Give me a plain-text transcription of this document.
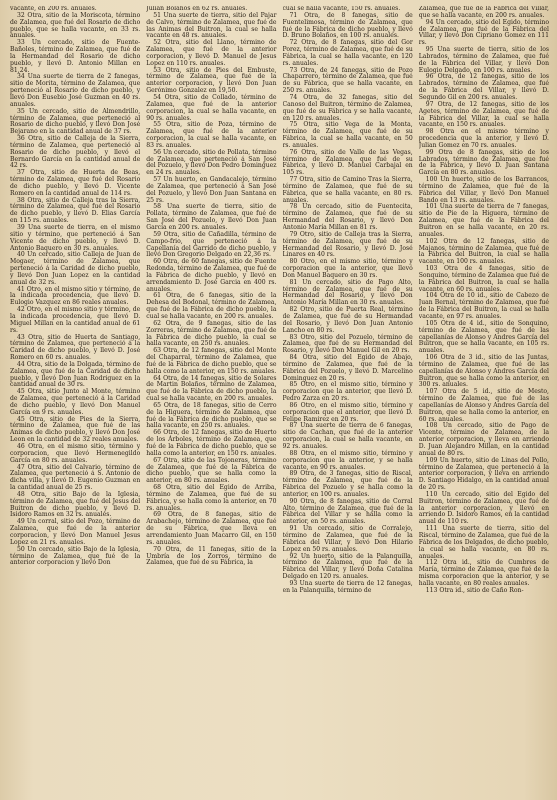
vacante, en 200 rs. anuales.

32 Otra, sitio de la Moriscota, término de Zalamea, que fué del Rosario de dicho pueblo, que se halla vacante, en 33 rs. anuales.

33 Un cercado, sitio de Fuente-Bañoles, término de Zalamea, que fué de la Hermandad del Rosario de dicho pueblo, y llevó D. Antonio Millan en 81,24.

34 Una suerte de tierra de 2 fanegas, sitio de Morita, término de Zalamea, que perteneció al Rosario de dicho pueblo, y llevó Don Eusebio José Guzman en 40 rs. anuales.

35 Un cercado, sitio de Almendrillo, término de Zalamea, que perteneció al Rosario de dicho pueblo, y llevó Don José Bejarano en la cantidad anual de 37 rs.

36 Otra, sitio de Calleja de la Sierra, término de Zalamea, que perteneció al Rosario de dicho pueblo, y llevó el Bernardo García en la cantidad anual de 42 rs.

37 Otra, sitio de Huerta de Beas, término de Zalamea, que fué del Rosario de dicho pueblo, y llevó D. Vicente Romero en la cantidad anual de 114 rs.

38 Otra, sitio de Calleja tras la Sierra, término de Zalamea, que fué del Rosario de dicho pueblo, y llevó D. Elias García en 115 rs. anuales.

39 Una suerte de tierra, en el mismo sitio y término, que perteneció á San Vicente de dicho pueblo, y llevó D. Antonio Baquero en 30 rs. anuales.

40 Un cercado, sitio Calleja de Juan de Mogaer, término de Zalamea, que perteneció á la Caridad de dicho pueblo, y llevó Don Juan Lopez en la cantidad anual de 32 rs.

41 Otro, en el mismo sitio y término, de la indicada procedencia, que llevó D. Eulogio Vazquez en 86 reales anuales.

42 Otro, en el mismo sitio y término, de la indicada procedencia, que llevó D. Miguel Millan en la cantidad anual de 61 rs.

43 Otra, sitio de Huerta de Santiago, término de Zalamea, que perteneció á la Caridad de dicho pueblo, y llevó D. José Romero en 60 rs. anuales.

44 Otra, sitio de la Dolgada, término de Zalamea, que fué de la Caridad de dicho pueblo, y llevó Don Juan Rodriguez en la cantidad anual de 30 rs.

45 Otra, sitio Junto al Monte, término de Zalamea, que perteneció á la Caridad de dicho pueblo, y llevó Don Manuel García en 9 rs. anuales.

45 Otra, sitio de Pies de la Sierra, término de Zalamea, que fué de las Animas de dicho pueblo, y llevó Don José Leon en la cantidad de 32 reales anuales.

46 Otra, en el mismo sitio, término y corporacion, que llevó Hermenegildo García en 80 rs. anuales.

47 Otra, sitio del Calvario, término de Zalamea, que perteneció á S. Antonio de dicha villa, y llevó D. Eugenio Guzman en la cantidad anual de 25 rs.

48 Otra, sitio Bajo de la Iglesia, término de Zalamea, que fué del Jesus del Buitron de dicho pueblo, y llevó D. Isidoro Ramos en 32 rs. anuales.

49 Un corral, sitio del Pozo, término de Zalamea, que fué de la anterior corporacion, y llevó Don Manuel Jesus Lopez en 21 rs. anuales.

50 Un cercado, sitio Bajo de la Iglesia, término de Zalamea, que fué de la anterior corporacion y llevó Don

Julian Bolaños en 62 rs. anuales.

51 Una suerte de tierra, sitio del Pajar de Calvo, término de Zalamea, que fué de las Animas del Buitron, la cual se halla vacante en 48 rs. anuales.

52 Otra, sitio del Llano, término de Zalamea, que fué de la anterior corporacion, y llevó D. Manuel de Jesus Lopez en 110 rs. anuales.

53 Otra, sitio de Pies del Embuste, término de Zalamea, que fué de la anterior corporacion, y llevó Don Juan Gerónimo Gonzalez en 19,50.

54 Otra, sitio de Collado, término de Zalamea, que fué de la anterior corporacion, la cual se halla vacante, en 90 rs. anuales.

55 Otra, sitio de Poza, término de Zalamea, que fué de la anterior corporacion, la cual se halla vacante, en 83 rs. anuales.

56 Un cercado, sitio de Pollata, término de Zalamea, que perteneció á San José del Pozuelo, y llevó Don Pedro Dominguez en 24 rs. anuales.

57 Un huerto, en Gandacalejo, término de Zalamea, que perteneció á San José del Pozuelo, y llevó Don Juan Santana en 25 rs.

58 Una suerte de tierra, sitio de Pollata, término de Zalamea, que fué de San José del Pozuelo, y llevó Don Juan García en 200 rs. anuales.

59 Otra, sitio de Cañadilla, término de Campo-frio, que perteneció á la Capellanía del Garrido de dicho pueblo, y llevó Don Gregorio Delgado en 22,36 rs.

60 Otra, de 60 fanegas, sitio de Fuente Redonda, término de Zalamea, que fué de la Fábrica de dicho pueblo, y llevó en arrendamiento D. José Garcia en 400 rs. anuales.

61 Otra, de 6 fanegas, sitio de la Dehesa del Bodonal, término de Zalamea, que fué de la Fábrica de dicho pueblo, la cual se halla vacante, en 200 rs. anuales.

62 Otra, de 9 fanegas, sitio de las Zorreras, término de Zalamea, que fué de la Fábrica de dicho pueblo, la cual se halla vacante, en 250 rs. anuales.

63 Otra, de 12 fanegas, sitio del Monte del Chaparral, término de Zalamea, que fué de la Fábrica de dicho pueblo, que se halla como la anterior, en 150 rs. anuales.

64 Otra, de 14 fanegas, sitio de Solares de Martin Bolaños, término de Zalamea, que fué de la Fábrica de dicho pueblo, la cual se halla vacante, en 200 rs. anuales.

65 Otra, de 18 fanegas, sitio de Cerro de la Higuera, término de Zalamea, que fué de la Fábrica de dicho pueblo, que se halla vacante, en 250 rs. anuales.

66 Otra, de 12 fanegas, sitio de Huerto de los Árboles, término de Zalamea, que fué de la Fábrica de dicho pueblo, que se halla como la anterior, en 150 rs. anuales.

67 Otra, sitio de las Tojoneras, término de Zalamea, que fué de la Fábrica de dicho pueblo, que se halla como la anterior, en 80 rs. anuales.

68 Otra, sitio del Egido de Arriba, término de Zalamea, que fué de su Fábrica, y se halla como la anterior, en 70 rs. anuales.

69 Otra, de 8 fanegas, sitio de Arabachejo, término de Zalamea, que fué de su Fábrica, que lleva en arrendamiento Juan Macarro Gil, en 150 rs. anuales.

70 Otra, de 11 fanegas, sitio de la Umbría de los Zorros, término de Zalamea, que fué de su Fábrica, la

cual se halla vacante, 150 rs. anuales.

71 Otra, de 8 fanegas, sitio de Fuentelimosa, término de Zalamea, que fué de la Fábrica de dicho pueblo, y llevó D. Bruno Bolaños, en 100 rs. anuales.

72 Otra, de 8 fanegas, sitio del Gor Porez, término de Zalamea, que fué de su Fábrica, la cual se halla vacante, en 120 rs. anuales.

73 Otra, de 24 fanegas, sitio de Pozo Chaparrero, término de Zalamea, que fué de su Fábrica, que se halla vacante, en 250 rs. anuales.

74 Otra, de 32 fanegas, sitio del Canoso del Buitron, término de Zalamea, que fué de su Fábrica y se halla vacante, en 120 rs. anuales.

75 Otra, sitio Vega de la Monta, término de Zalamea, que fué de su Fábrica, la cual se halla vacante, en 50 rs. anuales.

76 Otra, sitio de Valle de las Vegas, término de Zalamea, que fué de su Fábrica, y llevó D. Manuel Carbajal en 105 rs.

77 Otra, sitio de Camino Tras la Sierra, término de Zalamea, que fué de su Fábrica, que se halla vacante, en 80 rs. anuales.

78 Un cercado, sitio de Fuentecita, término de Zalamea, que fué de su Hermandad del Rosario, y llevó Don Antonio María Millan en 81 rs.

79 Otro, sitio de Calleja tras la Sierra, término de Zalamea, que fué de su Hermandad del Rosario, y llevó D. José Linares en 40 rs.

80 Otro, en el mismo sitio, término y corporacion que la anterior, que llevó Don Manuel Baquero en 30 rs.

81 Un cercado, sitio de Pago Alto, término de Zalamea, que fué de su Hermandad del Rosario, y llevó Don Antonio María Millan en 30 rs. anuales.

82 Otro, sitio de Puerta Real, término de Zalamea, que fué de su Hermandad del Rosario, y llevó Don Juan Antonio Lancho en 80 rs.

83 Otro, sitio del Pozuelo, término de Zalamea, que fué de su Hermandad del Rosario, y llevó Don Manuel Gil en 20 rs.

84 Otra, sitio del Egido de Abajo, término de Zalamea, que fué de la Fábrica del Pozuelo, y llevó D. Marcelino Dominguez en 20 rs.

85 Otro, en el mismo sitio, término y corporacion que la anterior, que llevó D. Pedro Zarza en 20 rs.

86 Otro, en el mismo sitio, término y corporacion que el anterior, que llevó D. Felipe Ramirez en 20 rs.

87 Una suerte de tierra de 6 fanegas, sitio de Cachan, que fué de la anterior corporacion, la cual se halla vacante, en 92 rs. anuales.

88 Otra, en el mismo sitio, término y corporacion que la anterior, y se halla vacante, en 90 rs. anuales.

89 Otra, de 3 fanegas, sitio de Riscal, término de Zalamea, que fué de la Fábrica del Pozuelo y se halla como la anterior, en 100 rs. anuales.

90 Otra, de 8 fanegas, sitio de Corral Alto, término de Zalamea, que fué de la Fábrica del Villar y se halla como la anterior, en 50 rs. anuales.

91 Un cercado, sitio de Corralejo, término de Zalamea, que fué de la Fábrica del Villar, y llevó Don Hilario Lopez en 50 rs. anuales.

92 Un huerto, sitio de la Palanquilla, término de Zalamea, que fué de la Fábrica del Villar, y llevó Doña Catalina Delgado en 120 rs. anuales.

93 Una suerte de tierra de 12 fanegas, en la Palanquilla, término de

Zalamea, que fué de la Fábrica del Villar, que se halla vacante, en 200 rs. anuales.

94 Un cercado, sitio del Egido, término de Zalamea, que fué de la Fábrica del Villar, y llevó Don Cipriano Gomez en 111 rs.

95 Una suerte de tierra, sitio de los Labrados, término de Zalamea, que fué de la Fábrica del Villar, y llevó Don Eulogio Delgado, en 100 rs. anuales.

96 Otra, de 12 fanegas, sitio de los Labrados, término de Zalamea, que fué de la Fábrica del Villar, y llevó D. Segundo Gil en 200 rs. anuales.

97 Otra, de 12 fanegas, sitio de los Agetes, término de Zalamea, que fué de la Fábrica del Villar, la cual se halla vacante, en 150 rs. anuales.

98 Otra en el mismo término y procedencia que la anterior, y llevó D. Julian Gomez en 70 rs. anuales.

99 Otra de 8 fanegas, sitio de los Labrados, término de Zalamea, que fué de la Fábrica, y llevó D. Juan Santana García en 80 rs. anuales.

100 Un huerto, sitio de los Barrancos, término de Zalamea, que fué de la Fábrica del Villar, y llevó Don Manuel Bando en 13 rs. anuales.

101 Una suerte de tierra de 7 fanegas, sitio de Pie de la Higuera, término de Zalamea, que fué de la Fábrica del Buitron en se halla vacante, en 20 rs. anuales.

102 Otra de 12 fanegas, sitio de Majanos, término de Zalamea, que fué de la Fábrica del Buitron, la cual se halla vacante, en 100 rs. anuales.

103 Otra de 4 fanegas, sitio de Sonquino, término de Zalamea que fué de la Fábrica del Buitron, la cual se halla vacante, en 60 rs. anuales.

104 Otra de 10 id., sitio de Cabezo de Juan Bernal, término de Zalamea, que fué de la Fábrica del Buitron, la cual se halla vacante, en 97 rs. anuales.

105 Otra de 4 id., sitio de Sonquino, término de Zalamea, que fué de las capellanías de Alonso y Andres García del Buitron, que se halla vacante, en 105 rs. anuales.

106 Otra de 3 id., sitio de las Juntas, término de Zalamea, que fué de las capellanías de Alonso y Andres García del Buitron, que se halla como la anterior, en 300 rs. anuales.

107 Otra de 5 id., sitio de Mesto, término de Zalamea, que fué de las capellanías de Alonso y Andres García del Buitron, que se halla como la anterior, en 60 rs. anuales.

108 Un cercado, sitio de Pago de Vicente, término de Zalamea, de la anterior corporacion, y lleva en arriendo D. Juan Alejandro Millan, en la cantidad anual de 80 rs.

109 Un huerto, sitio de Linas del Pollo, término de Zalamea, que perteneció á la anterior corporacion, y lleva en arriendo D. Santiago Hidalgo, en la cantidad anual de 20 rs.

110 Un cercado, sitio del Egido del Buitron, término de Zalamea, que fué de la anterior corporacion, y llevó en arriendo D. Isidoro Ramos, en la cantidad anual de 110 rs.

111 Una suerte de tierra, sitio del Riscal, término de Zalamea, que fué de la Fábrica de los Delgados, de dicho pueblo, la cual se halla vacante, en 80 rs. anuales.

112 Otra id., sitio de Cumbres de María, término de Zalamea, que fué de la misma corporacion que la anterior, y se halla vacante, en 80 reales anuales.

113 Otra id., sitio de Caño Ron-
